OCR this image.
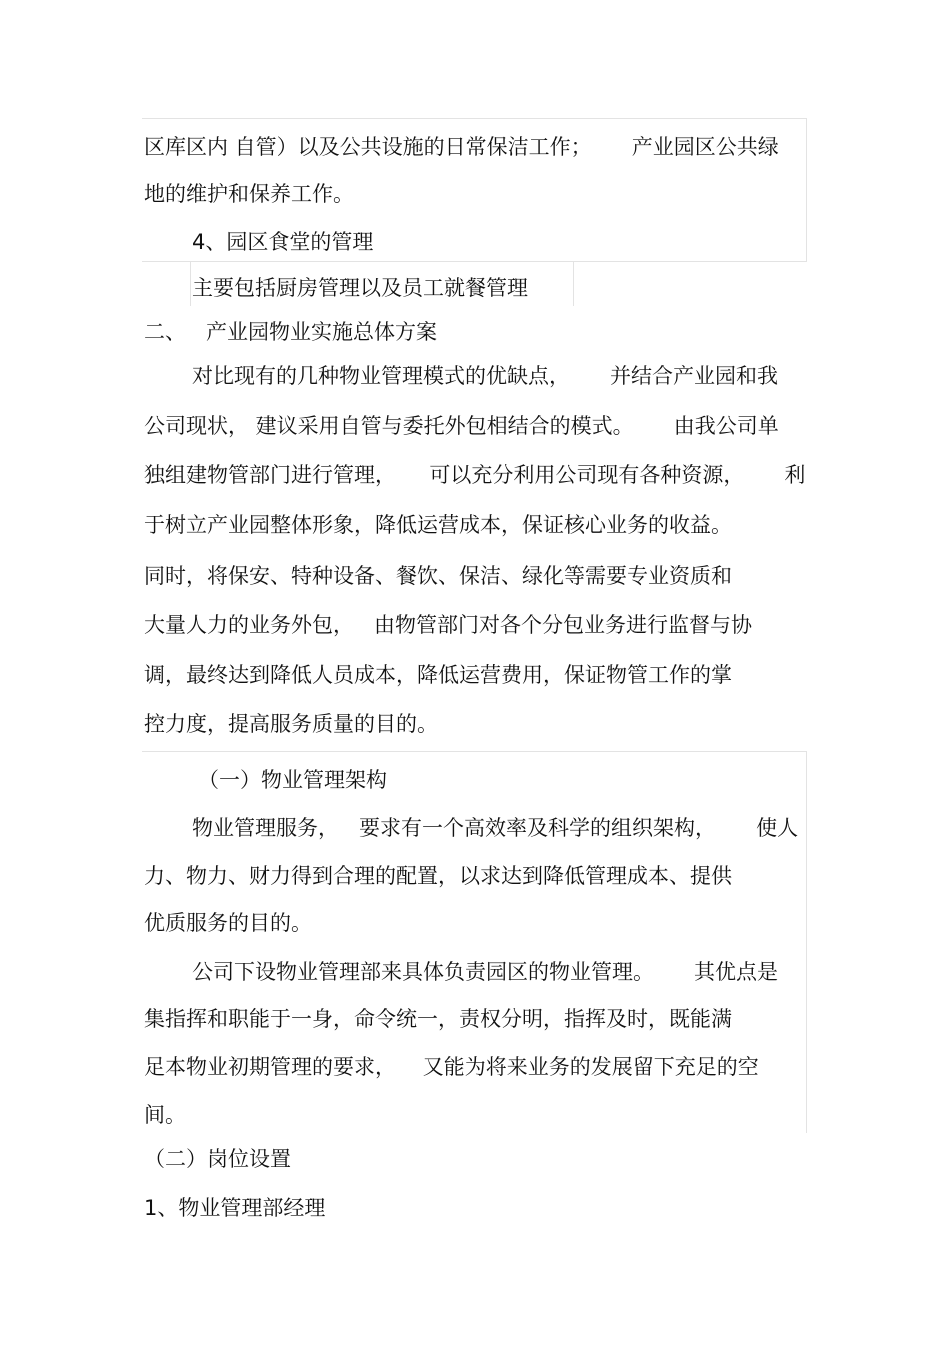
区库区内 自管）以及公共设施的日常保洁工作；      产业园区公共绿

地的维护和保养工作。

4、园区食堂的管理

主要包括厨房管理以及员工就餐管理

二、   产业园物业实施总体方案

对比现有的几种物业管理模式的优缺点，      并结合产业园和我

公司现状， 建议采用自管与委托外包相结合的模式。      由我公司单

独组建物管部门进行管理，     可以充分利用公司现有各种资源，      利

于树立产业园整体形象，降低运营成本，保证核心业务的收益。

同时，将保安、特种设备、餐饮、保洁、绿化等需要专业资质和

大量人力的业务外包，   由物管部门对各个分包业务进行监督与协

调，最终达到降低人员成本，降低运营费用，保证物管工作的掌

控力度，提高服务质量的目的。

（一）物业管理架构

物业管理服务，   要求有一个高效率及科学的组织架构，      使人

力、物力、财力得到合理的配置，以求达到降低管理成本、提供

优质服务的目的。

公司下设物业管理部来具体负责园区的物业管理。      其优点是

集指挥和职能于一身，命令统一，责权分明，指挥及时，既能满

足本物业初期管理的要求，    又能为将来业务的发展留下充足的空

间。

（二）岗位设置

1、物业管理部经理
